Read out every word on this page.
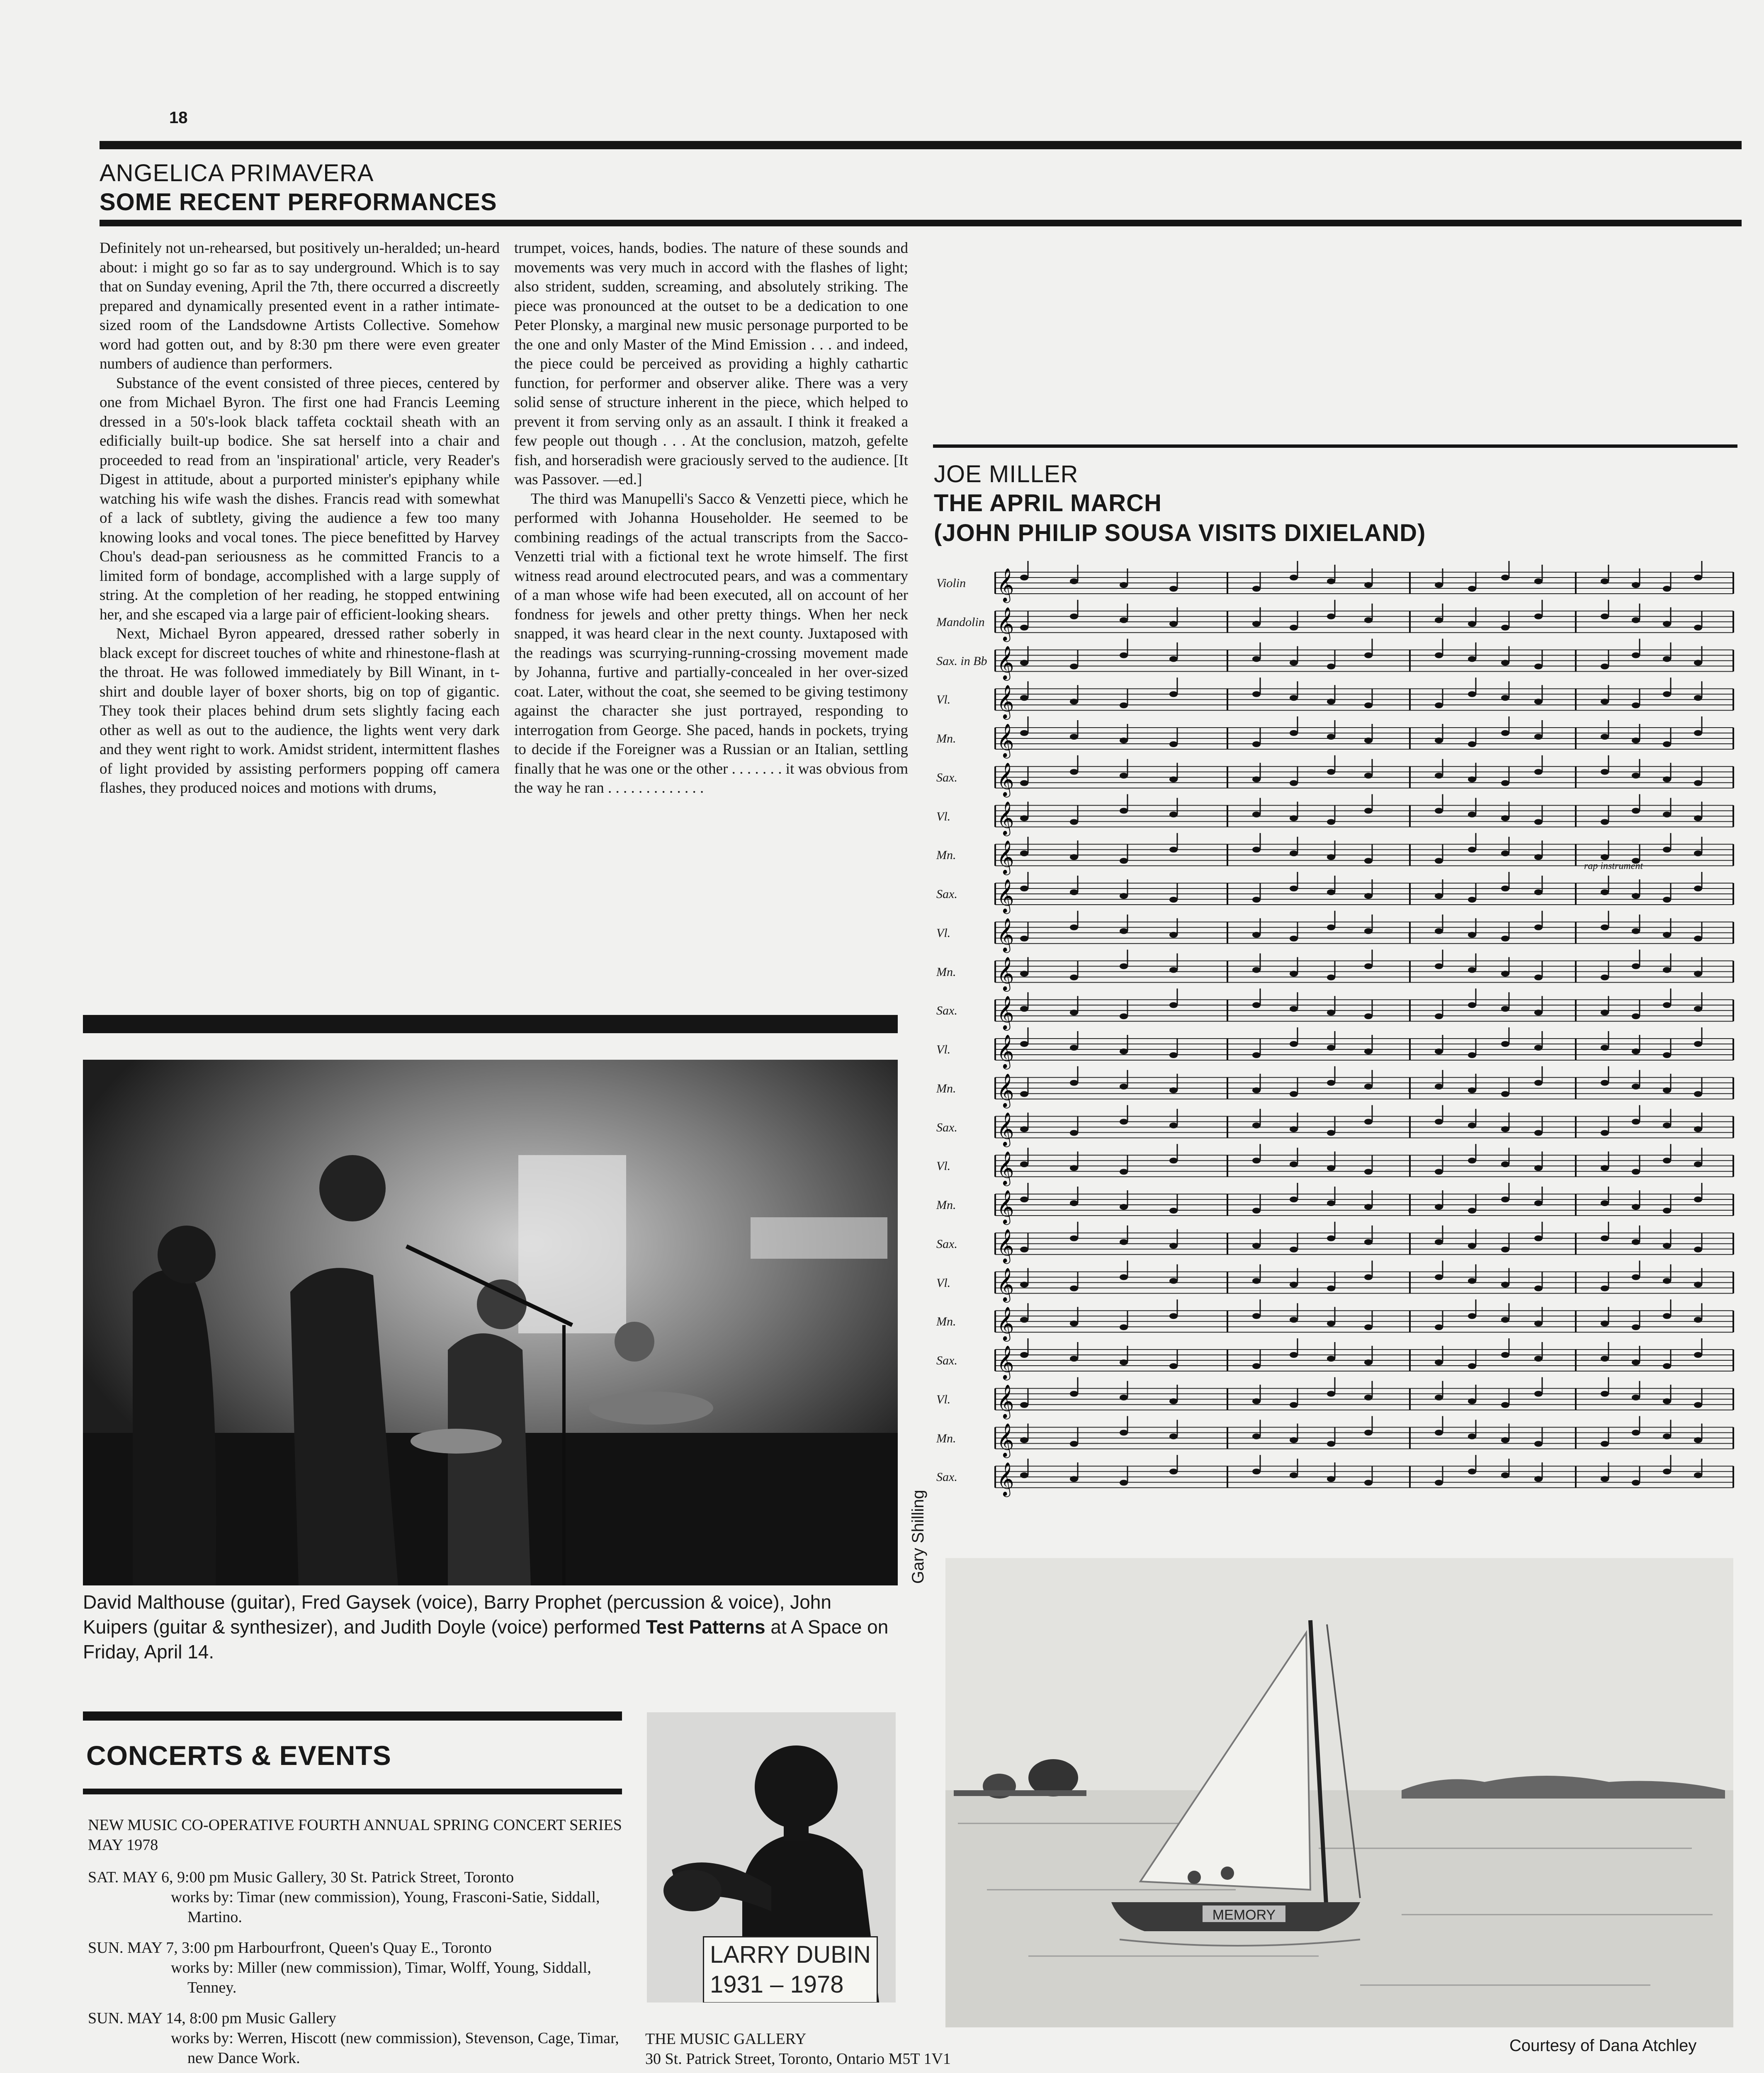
18
ANGELICA PRIMAVERA
SOME RECENT PERFORMANCES

Definitely not un-rehearsed, but positively un-heralded; un-heard about: i might go so far as to say underground. Which is to say that on Sunday evening, April the 7th, there occurred a discreetly prepared and dynamically presented event in a rather intimate-sized room of the Landsdowne Artists Collective. Somehow word had gotten out, and by 8:30 pm there were even greater numbers of audience than performers.

Substance of the event consisted of three pieces, centered by one from Michael Byron. The first one had Francis Leeming dressed in a 50's-look black taffeta cocktail sheath with an edificially built-up bodice. She sat herself into a chair and proceeded to read from an 'inspirational' article, very Reader's Digest in attitude, about a purported minister's epiphany while watching his wife wash the dishes. Francis read with somewhat of a lack of subtlety, giving the audience a few too many knowing looks and vocal tones. The piece benefitted by Harvey Chou's dead-pan seriousness as he committed Francis to a limited form of bondage, accomplished with a large supply of string. At the completion of her reading, he stopped entwining her, and she escaped via a large pair of efficient-looking shears.

Next, Michael Byron appeared, dressed rather soberly in black except for discreet touches of white and rhinestone-flash at the throat. He was followed immediately by Bill Winant, in t-shirt and double layer of boxer shorts, big on top of gigantic. They took their places behind drum sets slightly facing each other as well as out to the audience, the lights went very dark and they went right to work. Amidst strident, intermittent flashes of light provided by assisting performers popping off camera flashes, they produced noices and motions with drums,

trumpet, voices, hands, bodies. The nature of these sounds and movements was very much in accord with the flashes of light; also strident, sudden, screaming, and absolutely striking. The piece was pronounced at the outset to be a dedication to one Peter Plonsky, a marginal new music personage purported to be the one and only Master of the Mind Emission . . . and indeed, the piece could be perceived as providing a highly cathartic function, for performer and observer alike. There was a very solid sense of structure inherent in the piece, which helped to prevent it from serving only as an assault. I think it freaked a few people out though . . . At the conclusion, matzoh, gefelte fish, and horseradish were graciously served to the audience. [It was Passover. —ed.]

The third was Manupelli's Sacco & Venzetti piece, which he performed with Johanna Householder. He seemed to be combining readings of the actual transcripts from the Sacco-Venzetti trial with a fictional text he wrote himself. The first witness read around electrocuted pears, and was a commentary of a man whose wife had been executed, all on account of her fondness for jewels and other pretty things. When her neck snapped, it was heard clear in the next county. Juxtaposed with the readings was scurrying-running-crossing movement made by Johanna, furtive and partially-concealed in her over-sized coat. Later, without the coat, she seemed to be giving testimony against the character she just portrayed, responding to interrogation from George. She paced, hands in pockets, trying to decide if the Foreigner was a Russian or an Italian, settling finally that he was one or the other . . . . . . . it was obvious from the way he ran . . . . . . . . . . . . .

Gary Shilling
David Malthouse (guitar), Fred Gaysek (voice), Barry Prophet (percussion & voice), John Kuipers (guitar & synthesizer), and Judith Doyle (voice) performed Test Patterns at A Space on Friday, April 14.
JOE MILLER
THE APRIL MARCH
(JOHN PHILIP SOUSA VISITS DIXIELAND)
𝄞
𝄞
𝄞
𝄞
𝄞
𝄞
𝄞
𝄞
𝄞
𝄞
𝄞
𝄞
𝄞
𝄞
𝄞
𝄞
𝄞
𝄞
𝄞
𝄞
𝄞
𝄞
𝄞
𝄞
Violin
Mandolin
Sax. in Bb
Vl.
Mn.
Sax.
Vl.
Mn.
Sax.
Vl.
Mn.
Sax.
Vl.
Mn.
Sax.
Vl.
Mn.
Sax.
Vl.
Mn.
Sax.
Vl.
Mn.
Sax.
rap instrument
CONCERTS & EVENTS
NEW MUSIC CO-OPERATIVE FOURTH ANNUAL SPRING CONCERT SERIES MAY 1978
SAT. MAY 6, 9:00 pm Music Gallery, 30 St. Patrick Street, Toronto
works by: Timar (new commission), Young, Frasconi-Satie, Siddall, Martino.
SUN. MAY 7, 3:00 pm Harbourfront, Queen's Quay E., Toronto
works by: Miller (new commission), Timar, Wolff, Young, Siddall, Tenney.
SUN. MAY 14, 8:00 pm Music Gallery
works by: Werren, Hiscott (new commission), Stevenson, Cage, Timar, new Dance Work.
LARRY DUBIN
1931 – 1978
MEMORY
Courtesy of Dana Atchley
THE MUSIC GALLERY
30 St. Patrick Street, Toronto, Ontario M5T 1V1
